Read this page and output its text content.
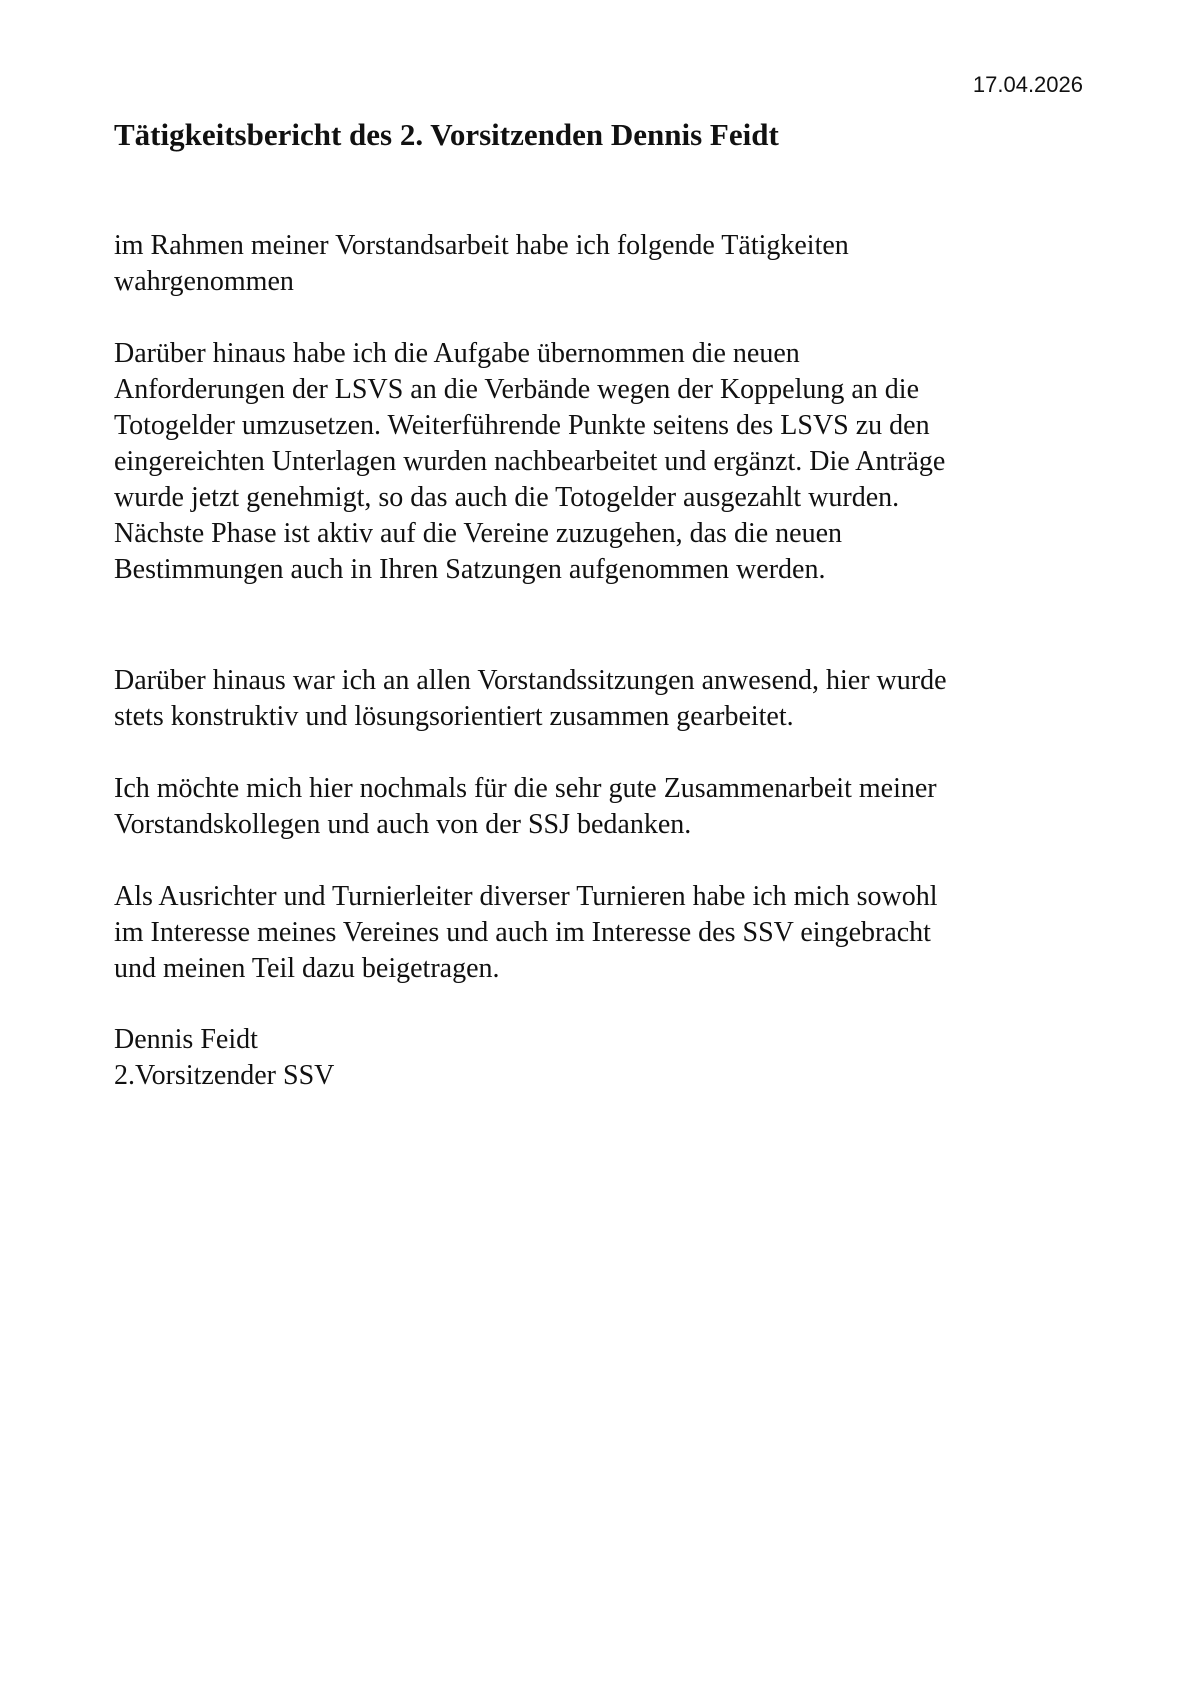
17.04.2026
Tätigkeitsbericht des 2. Vorsitzenden Dennis Feidt

im Rahmen meiner Vorstandsarbeit habe ich folgende Tätigkeiten
wahrgenommen

Darüber hinaus habe ich die Aufgabe übernommen die neuen
Anforderungen der LSVS an die Verbände wegen der Koppelung an die
Totogelder umzusetzen. Weiterführende Punkte seitens des LSVS zu den
eingereichten Unterlagen wurden nachbearbeitet und ergänzt. Die Anträge
wurde jetzt genehmigt, so das auch die Totogelder ausgezahlt wurden.
Nächste Phase ist aktiv auf die Vereine zuzugehen, das die neuen
Bestimmungen auch in Ihren Satzungen aufgenommen werden.

Darüber hinaus war ich an allen Vorstandssitzungen anwesend, hier wurde
stets konstruktiv und lösungsorientiert zusammen gearbeitet.

Ich möchte mich hier nochmals für die sehr gute Zusammenarbeit meiner
Vorstandskollegen und auch von der SSJ bedanken.

Als Ausrichter und Turnierleiter diverser Turnieren habe ich mich sowohl
im Interesse meines Vereines und auch im Interesse des SSV eingebracht
und meinen Teil dazu beigetragen.

Dennis Feidt
2.Vorsitzender SSV
